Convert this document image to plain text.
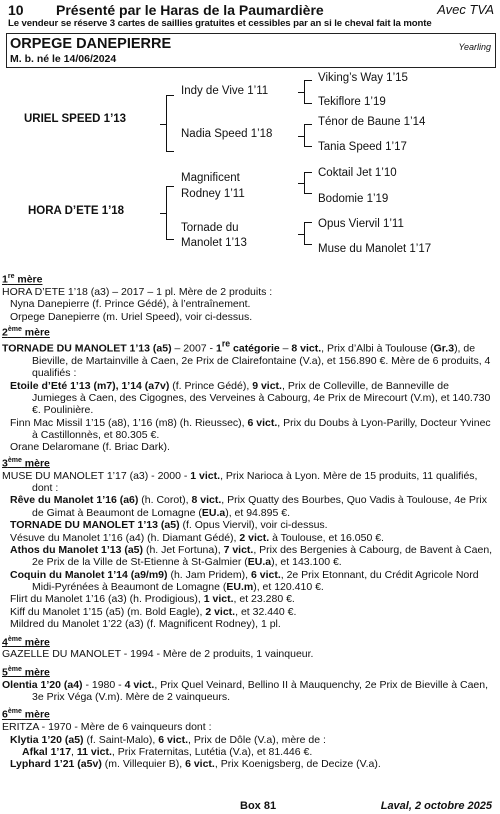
10 Présenté par le Haras de la Paumardière	Avec TVA
Le vendeur se réserve 3 cartes de saillies gratuites et cessibles par an si le cheval fait la monte
ORPEGE DANEPIERRE	Yearling
M. b. né le 14/06/2024
URIEL SPEED 1’13
HORA D’ETE 1’18
Indy de Vive 1’11
Nadia Speed 1’18
Magnificent
Rodney 1’11
Tornade du
Manolet 1’13
Viking’s Way 1’15
Tekiflore 1’19
Ténor de Baune 1’14
Tania Speed 1’17
Coktail Jet 1’10
Bodomie 1’19
Opus Viervil 1’11
Muse du Manolet 1’17
1re mère

HORA D’ETE 1’18 (a3) – 2017 – 1 pl. Mère de 2 produits :

Nyna Danepierre (f. Prince Gédé), à l’entraînement.

Orpege Danepierre (m. Uriel Speed), voir ci-dessus.

2ème mère

TORNADE DU MANOLET 1’13 (a5) – 2007 - 1re catégorie – 8 vict., Prix d’Albi à Toulouse (Gr.3), de Bieville, de Martainville à Caen, 2e Prix de Clairefontaine (V.a), et 156.890 €. Mère de 6 produits, 4 qualifiés :

Etoile d’Eté 1’13 (m7), 1’14 (a7v) (f. Prince Gédé), 9 vict., Prix de Colleville, de Banneville de Jumieges à Caen, des Cigognes, des Verveines à Cabourg, 4e Prix de Mirecourt (V.m), et 140.730 €. Poulinière.

Finn Mac Missil 1’15 (a8), 1’16 (m8) (h. Rieussec), 6 vict., Prix du Doubs à Lyon-Parilly, Docteur Yvinec à Castillonnès, et 80.305 €.

Orane Delaromane (f. Briac Dark).

3ème mère

MUSE DU MANOLET 1’17 (a3) - 2000 - 1 vict., Prix Narioca à Lyon. Mère de 15 produits, 11 qualifiés, dont :

Rêve du Manolet 1’16 (a6) (h. Corot), 8 vict., Prix Quatty des Bourbes, Quo Vadis à Toulouse, 4e Prix de Gimat à Beaumont de Lomagne (EU.a), et 94.895 €.

TORNADE DU MANOLET 1’13 (a5) (f. Opus Viervil), voir ci-dessus.

Vésuve du Manolet 1’16 (a4) (h. Diamant Gédé), 2 vict. à Toulouse, et 16.050 €.

Athos du Manolet 1’13 (a5) (h. Jet Fortuna), 7 vict., Prix des Bergenies à Cabourg, de Bavent à Caen, 2e Prix de la Ville de St-Etienne à St-Galmier (EU.a), et 143.100 €.

Coquin du Manolet 1’14 (a9/m9) (h. Jam Pridem), 6 vict., 2e Prix Etonnant, du Crédit Agricole Nord Midi-Pyrénées à Beaumont de Lomagne (EU.m), et 120.410 €.

Flirt du Manolet 1’16 (a3) (h. Prodigious), 1 vict., et 23.280 €.

Kiff du Manolet 1’15 (a5) (m. Bold Eagle), 2 vict., et 32.440 €.

Mildred du Manolet 1’22 (a3) (f. Magnificent Rodney), 1 pl.

4ème mère

GAZELLE DU MANOLET - 1994 - Mère de 2 produits, 1 vainqueur.

5ème mère

Olentia 1’20 (a4) - 1980 - 4 vict., Prix Quel Veinard, Bellino II à Mauquenchy, 2e Prix de Bieville à Caen, 3e Prix Véga (V.m). Mère de 2 vainqueurs.

6ème mère

ERITZA - 1970 - Mère de 6 vainqueurs dont :

Klytia 1’20 (a5) (f. Saint-Malo), 6 vict., Prix de Dôle (V.a), mère de :

Afkal 1’17, 11 vict., Prix Fraternitas, Lutétia (V.a), et 81.446 €.

Lyphard 1’21 (a5v) (m. Villequier B), 6 vict., Prix Koenigsberg, de Decize (V.a).

Box 81	Laval, 2 octobre 2025
